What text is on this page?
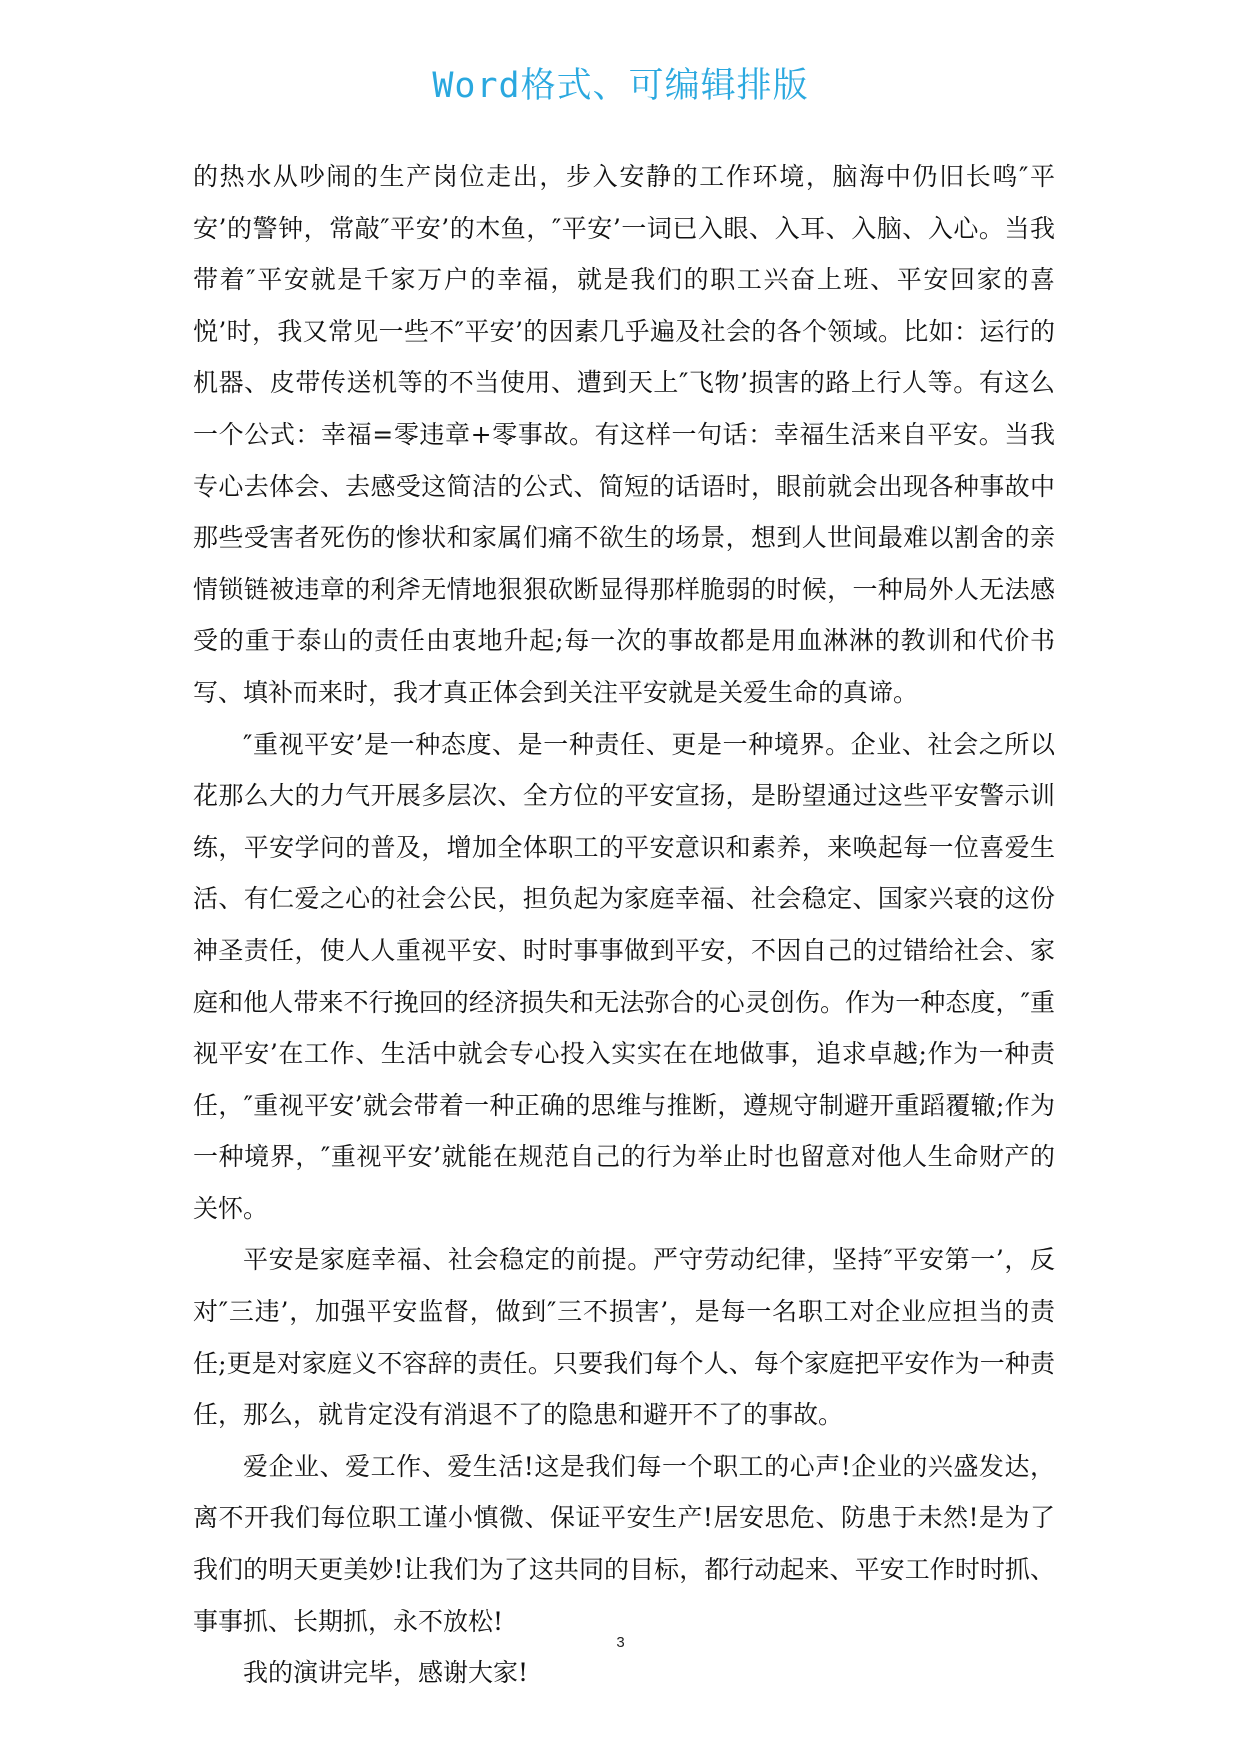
Word格式、可编辑排版

的热水从吵闹的生产岗位走出，步入安静的工作环境，脑海中仍旧长鸣″平安’的警钟，常敲″平安’的木鱼，″平安’一词已入眼、入耳、入脑、入心。当我带着″平安就是千家万户的幸福，就是我们的职工兴奋上班、平安回家的喜悦’时，我又常见一些不″平安’的因素几乎遍及社会的各个领域。比如：运行的机器、皮带传送机等的不当使用、遭到天上″飞物’损害的路上行人等。有这么一个公式：幸福=零违章+零事故。有这样一句话：幸福生活来自平安。当我专心去体会、去感受这简洁的公式、简短的话语时，眼前就会出现各种事故中那些受害者死伤的惨状和家属们痛不欲生的场景，想到人世间最难以割舍的亲情锁链被违章的利斧无情地狠狠砍断显得那样脆弱的时候，一种局外人无法感受的重于泰山的责任由衷地升起;每一次的事故都是用血淋淋的教训和代价书写、填补而来时，我才真正体会到关注平安就是关爱生命的真谛。

″重视平安’是一种态度、是一种责任、更是一种境界。企业、社会之所以花那么大的力气开展多层次、全方位的平安宣扬，是盼望通过这些平安警示训练，平安学问的普及，增加全体职工的平安意识和素养，来唤起每一位喜爱生活、有仁爱之心的社会公民，担负起为家庭幸福、社会稳定、国家兴衰的这份神圣责任，使人人重视平安、时时事事做到平安，不因自己的过错给社会、家庭和他人带来不行挽回的经济损失和无法弥合的心灵创伤。作为一种态度，″重视平安’在工作、生活中就会专心投入实实在在地做事，追求卓越;作为一种责任，″重视平安’就会带着一种正确的思维与推断，遵规守制避开重蹈覆辙;作为一种境界，″重视平安’就能在规范自己的行为举止时也留意对他人生命财产的关怀。

平安是家庭幸福、社会稳定的前提。严守劳动纪律，坚持″平安第一’，反对″三违’，加强平安监督，做到″三不损害’，是每一名职工对企业应担当的责任;更是对家庭义不容辞的责任。只要我们每个人、每个家庭把平安作为一种责任，那么，就肯定没有消退不了的隐患和避开不了的事故。

爱企业、爱工作、爱生活!这是我们每一个职工的心声!企业的兴盛发达，离不开我们每位职工谨小慎微、保证平安生产!居安思危、防患于未然!是为了我们的明天更美妙!让我们为了这共同的目标，都行动起来、平安工作时时抓、事事抓、长期抓，永不放松!

我的演讲完毕，感谢大家!

3
